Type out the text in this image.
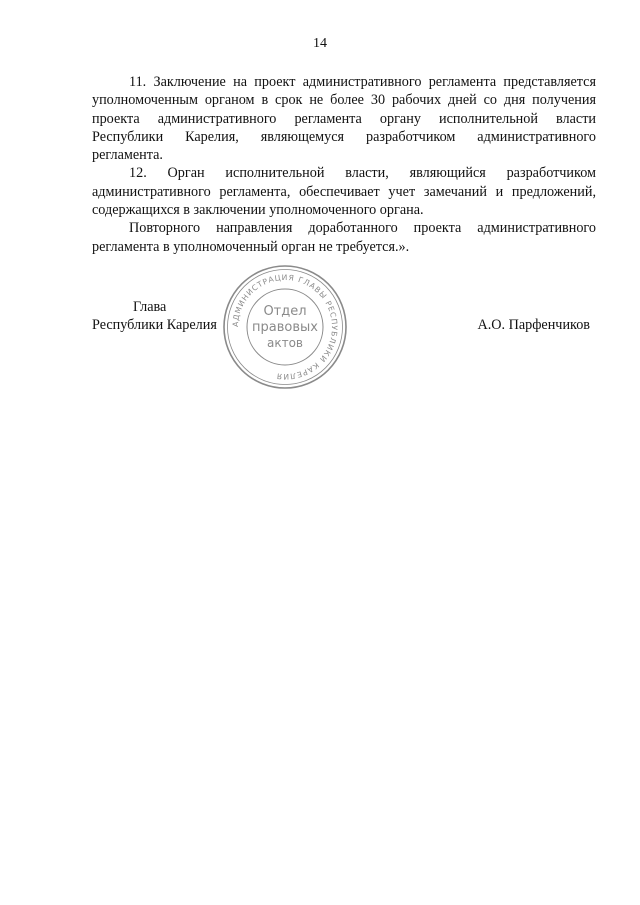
14

11. Заключение на проект административного регламента представляется уполномоченным органом в срок не более 30 рабочих дней со дня получения проекта административного регламента органу исполнительной власти Республики Карелия, являющемуся разработчиком административного регламента.

12. Орган исполнительной власти, являющийся разработчиком административного регламента, обеспечивает учет замечаний и предложений, содержащихся в заключении уполномоченного органа.

Повторного направления доработанного проекта административного регламента в уполномоченный орган не требуется.».

Глава
Республики Карелия	А.О. Парфенчиков
АДМИНИСТРАЦИЯ ГЛАВЫ РЕСПУБЛИКИ КАРЕЛИЯ
Отдел
правовых
актов
